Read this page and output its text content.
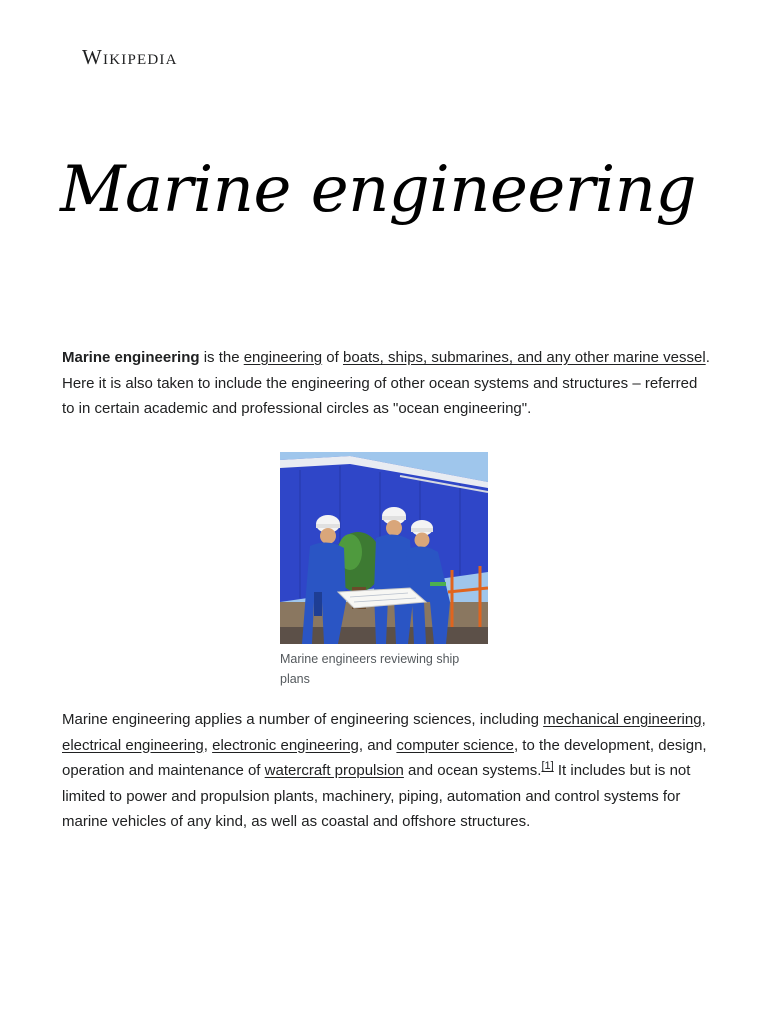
Wikipedia
Marine engineering
Marine engineering is the engineering of boats, ships, submarines, and any other marine vessel. Here it is also taken to include the engineering of other ocean systems and structures – referred to in certain academic and professional circles as "ocean engineering".
Marine engineers reviewing ship plans
Marine engineering applies a number of engineering sciences, including mechanical engineering, electrical engineering, electronic engineering, and computer science, to the development, design, operation and maintenance of watercraft propulsion and ocean systems.[1] It includes but is not limited to power and propulsion plants, machinery, piping, automation and control systems for marine vehicles of any kind, as well as coastal and offshore structures.
